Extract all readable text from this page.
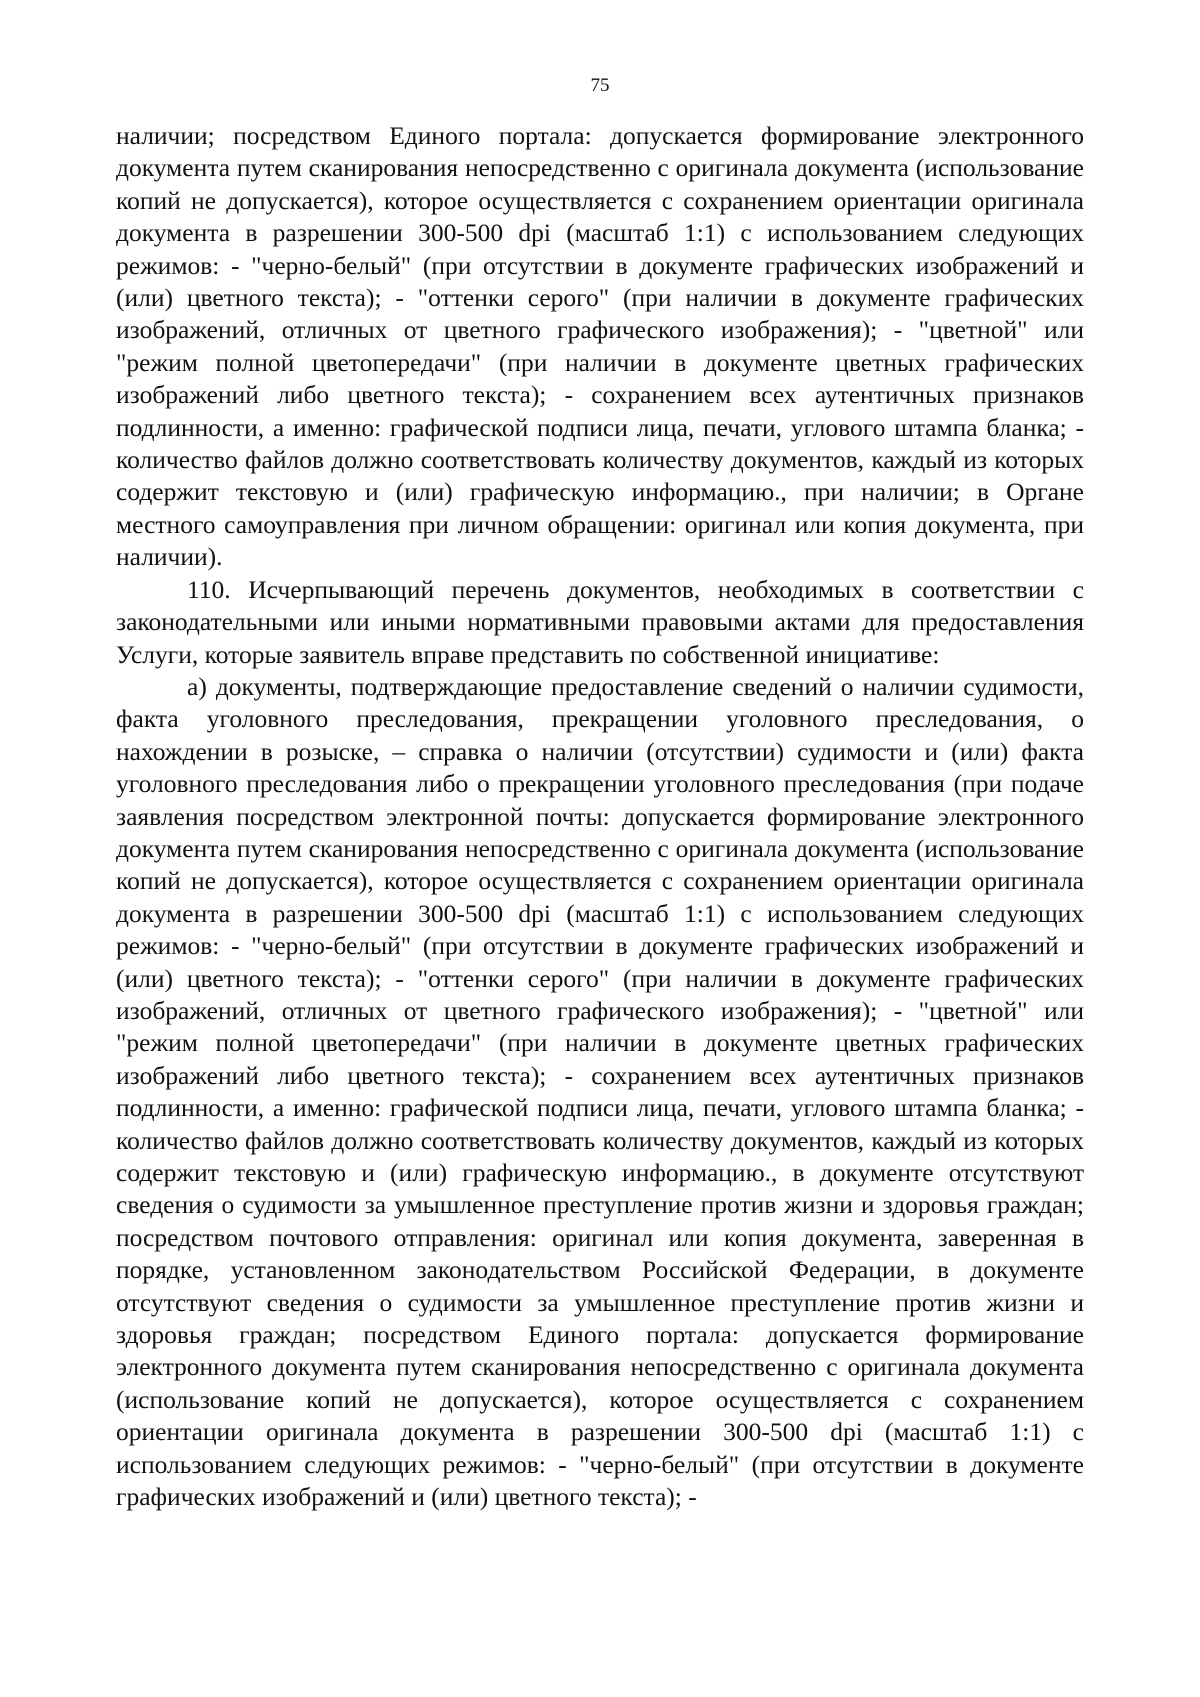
75

наличии; посредством Единого портала: допускается формирование электронного документа путем сканирования непосредственно с оригинала документа (использование копий не допускается), которое осуществляется с сохранением ориентации оригинала документа в разрешении 300-500 dpi (масштаб 1:1) с использованием следующих режимов: - "черно-белый" (при отсутствии в документе графических изображений и (или) цветного текста); - "оттенки серого" (при наличии в документе графических изображений, отличных от цветного графического изображения); - "цветной" или "режим полной цветопередачи" (при наличии в документе цветных графических изображений либо цветного текста); - сохранением всех аутентичных признаков подлинности, а именно: графической подписи лица, печати, углового штампа бланка; - количество файлов должно соответствовать количеству документов, каждый из которых содержит текстовую и (или) графическую информацию., при наличии; в Органе местного самоуправления при личном обращении: оригинал или копия документа, при наличии).

110. Исчерпывающий перечень документов, необходимых в соответствии с законодательными или иными нормативными правовыми актами для предоставления Услуги, которые заявитель вправе представить по собственной инициативе:

а) документы, подтверждающие предоставление сведений о наличии судимости, факта уголовного преследования, прекращении уголовного преследования, о нахождении в розыске, – справка о наличии (отсутствии) судимости и (или) факта уголовного преследования либо о прекращении уголовного преследования (при подаче заявления посредством электронной почты: допускается формирование электронного документа путем сканирования непосредственно с оригинала документа (использование копий не допускается), которое осуществляется с сохранением ориентации оригинала документа в разрешении 300-500 dpi (масштаб 1:1) с использованием следующих режимов: - "черно-белый" (при отсутствии в документе графических изображений и (или) цветного текста); - "оттенки серого" (при наличии в документе графических изображений, отличных от цветного графического изображения); - "цветной" или "режим полной цветопередачи" (при наличии в документе цветных графических изображений либо цветного текста); - сохранением всех аутентичных признаков подлинности, а именно: графической подписи лица, печати, углового штампа бланка; - количество файлов должно соответствовать количеству документов, каждый из которых содержит текстовую и (или) графическую информацию., в документе отсутствуют сведения о судимости за умышленное преступление против жизни и здоровья граждан; посредством почтового отправления: оригинал или копия документа, заверенная в порядке, установленном законодательством Российской Федерации, в документе отсутствуют сведения о судимости за умышленное преступление против жизни и здоровья граждан; посредством Единого портала: допускается формирование электронного документа путем сканирования непосредственно с оригинала документа (использование копий не допускается), которое осуществляется с сохранением ориентации оригинала документа в разрешении 300-500 dpi (масштаб 1:1) с использованием следующих режимов: - "черно-белый" (при отсутствии в документе графических изображений и (или) цветного текста); -
